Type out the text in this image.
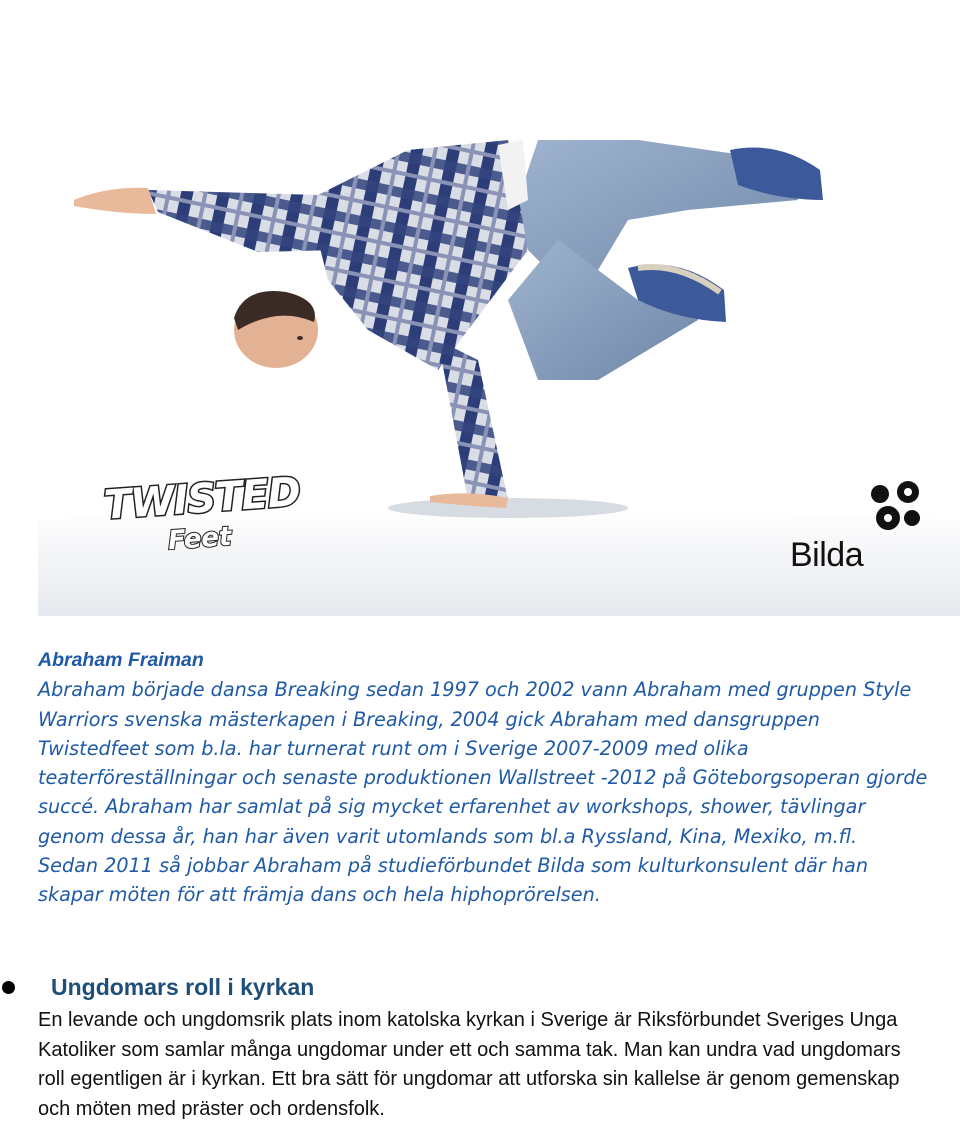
TWISTED
Feet	Bilda
Abraham Fraiman

Abraham började dansa Breaking sedan 1997 och 2002 vann Abraham med gruppen Style Warriors svenska mästerkapen i Breaking, 2004 gick Abraham med dansgruppen Twistedfeet som b.la. har turnerat runt om i Sverige 2007-2009 med olika teaterföreställningar och senaste produktionen Wallstreet -2012 på Göteborgsoperan gjorde succé. Abraham har samlat på sig mycket erfarenhet av workshops, shower, tävlingar genom dessa år, han har även varit utomlands som bl.a Ryssland, Kina, Mexiko, m.fl.

Sedan 2011 så jobbar Abraham på studieförbundet Bilda som kulturkonsulent där han skapar möten för att främja dans och hela hiphoprörelsen.

Ungdomars roll i kyrkan
En levande och ungdomsrik plats inom katolska kyrkan i Sverige är Riksförbundet Sveriges Unga Katoliker som samlar många ungdomar under ett och samma tak. Man kan undra vad ungdomars roll egentligen är i kyrkan. Ett bra sätt för ungdomar att utforska sin kallelse är genom gemenskap och möten med präster och ordensfolk.
